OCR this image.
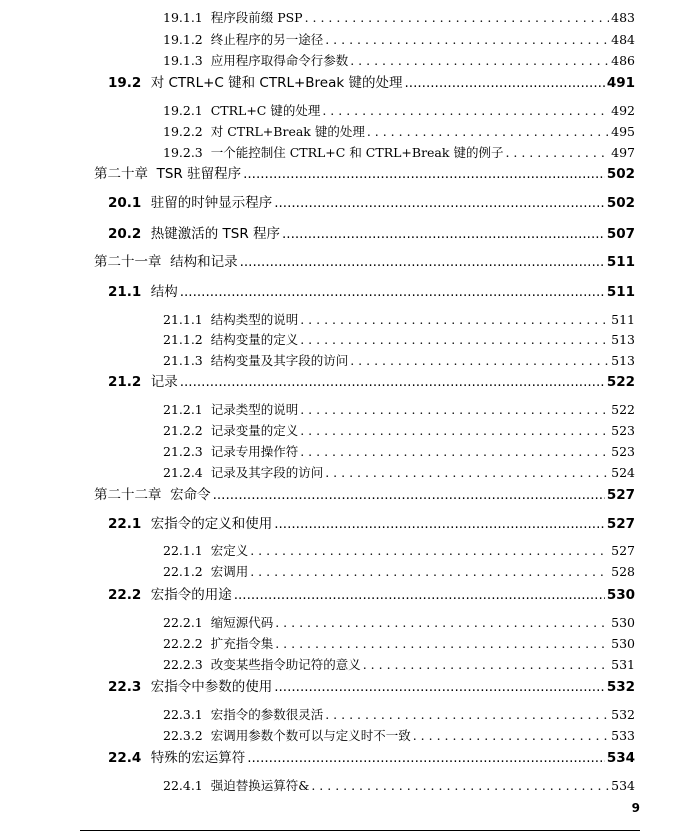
19.1.1 程序段前缀 PSP . . .	483
19.1.2 终止程序的另一途径 . . .	484
19.1.3 应用程序取得命令行参数 . . .	486
19.2 对 CTRL+C 键和 CTRL+Break 键的处理 .....	491
19.2.1 CTRL+C 键的处理 . . .	492
19.2.2 对 CTRL+Break 键的处理 . . .	495
19.2.3 一个能控制住 CTRL+C 和 CTRL+Break 键的例子 . . .	497
第二十章 TSR 驻留程序 .....	502
20.1 驻留的时钟显示程序 .....	502
20.2 热键激活的 TSR 程序 .....	507
第二十一章 结构和记录 .....	511
21.1 结构 .....	511
21.1.1 结构类型的说明 . . .	511
21.1.2 结构变量的定义 . . .	513
21.1.3 结构变量及其字段的访问 . . .	513
21.2 记录 .....	522
21.2.1 记录类型的说明 . . .	522
21.2.2 记录变量的定义 . . .	523
21.2.3 记录专用操作符 . . .	523
21.2.4 记录及其字段的访问 . . .	524
第二十二章 宏命令 .....	527
22.1 宏指令的定义和使用 .....	527
22.1.1 宏定义 . . .	527
22.1.2 宏调用 . . .	528
22.2 宏指令的用途 .....	530
22.2.1 缩短源代码 . . .	530
22.2.2 扩充指令集 . . .	530
22.2.3 改变某些指令助记符的意义 . . .	531
22.3 宏指令中参数的使用 .....	532
22.3.1 宏指令的参数很灵活 . . .	532
22.3.2 宏调用参数个数可以与定义时不一致 . . .	533
22.4 特殊的宏运算符 .....	534
22.4.1 强迫替换运算符& . . .	534
9
